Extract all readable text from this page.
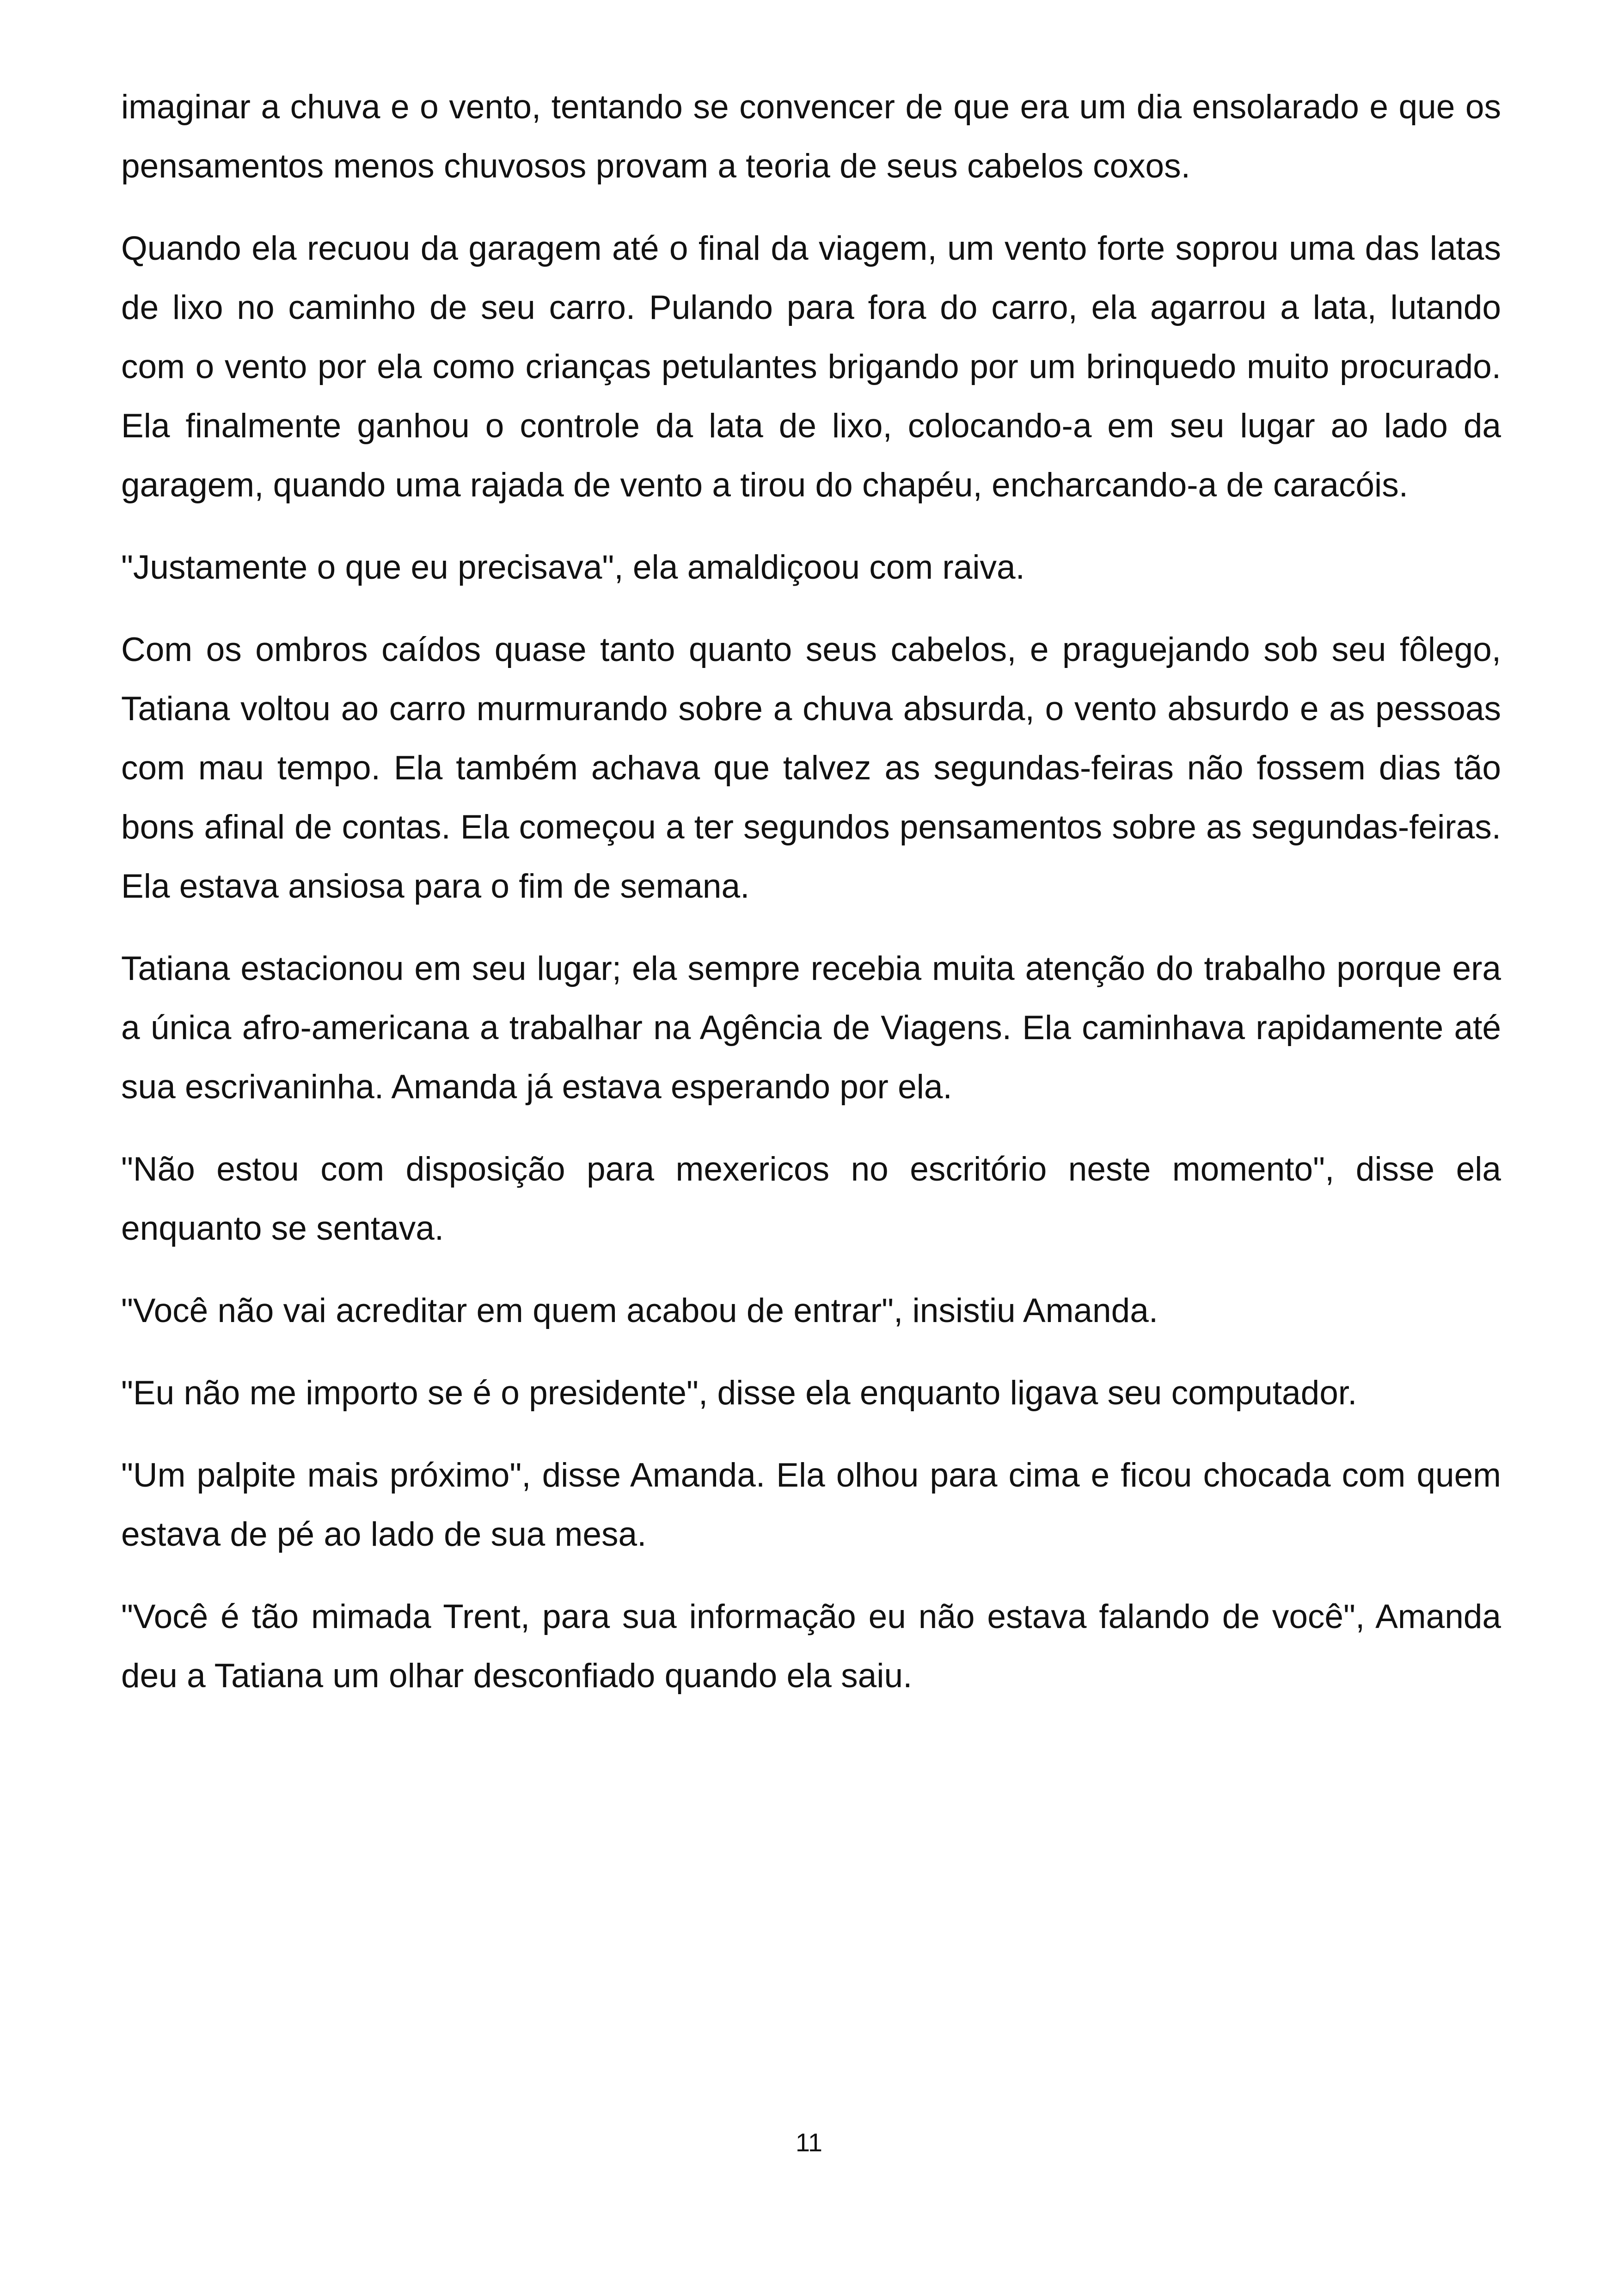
imaginar a chuva e o vento, tentando se convencer de que era um dia ensolarado e que os pensamentos menos chuvosos provam a teoria de seus cabelos coxos.

Quando ela recuou da garagem até o final da viagem, um vento forte soprou uma das latas de lixo no caminho de seu carro. Pulando para fora do carro, ela agarrou a lata, lutando com o vento por ela como crianças petulantes brigando por um brinquedo muito procurado. Ela finalmente ganhou o controle da lata de lixo, colocando-a em seu lugar ao lado da garagem, quando uma rajada de vento a tirou do chapéu, encharcando-a de caracóis.

"Justamente o que eu precisava", ela amaldiçoou com raiva.

Com os ombros caídos quase tanto quanto seus cabelos, e praguejando sob seu fôlego, Tatiana voltou ao carro murmurando sobre a chuva absurda, o vento absurdo e as pessoas com mau tempo. Ela também achava que talvez as segundas-feiras não fossem dias tão bons afinal de contas. Ela começou a ter segundos pensamentos sobre as segundas-feiras. Ela estava ansiosa para o fim de semana.

Tatiana estacionou em seu lugar; ela sempre recebia muita atenção do trabalho porque era a única afro-americana a trabalhar na Agência de Viagens. Ela caminhava rapidamente até sua escrivaninha. Amanda já estava esperando por ela.

"Não estou com disposição para mexericos no escritório neste momento", disse ela enquanto se sentava.

"Você não vai acreditar em quem acabou de entrar", insistiu Amanda.

"Eu não me importo se é o presidente", disse ela enquanto ligava seu computador.

"Um palpite mais próximo", disse Amanda. Ela olhou para cima e ficou chocada com quem estava de pé ao lado de sua mesa.

"Você é tão mimada Trent, para sua informação eu não estava falando de você", Amanda deu a Tatiana um olhar desconfiado quando ela saiu.

11
